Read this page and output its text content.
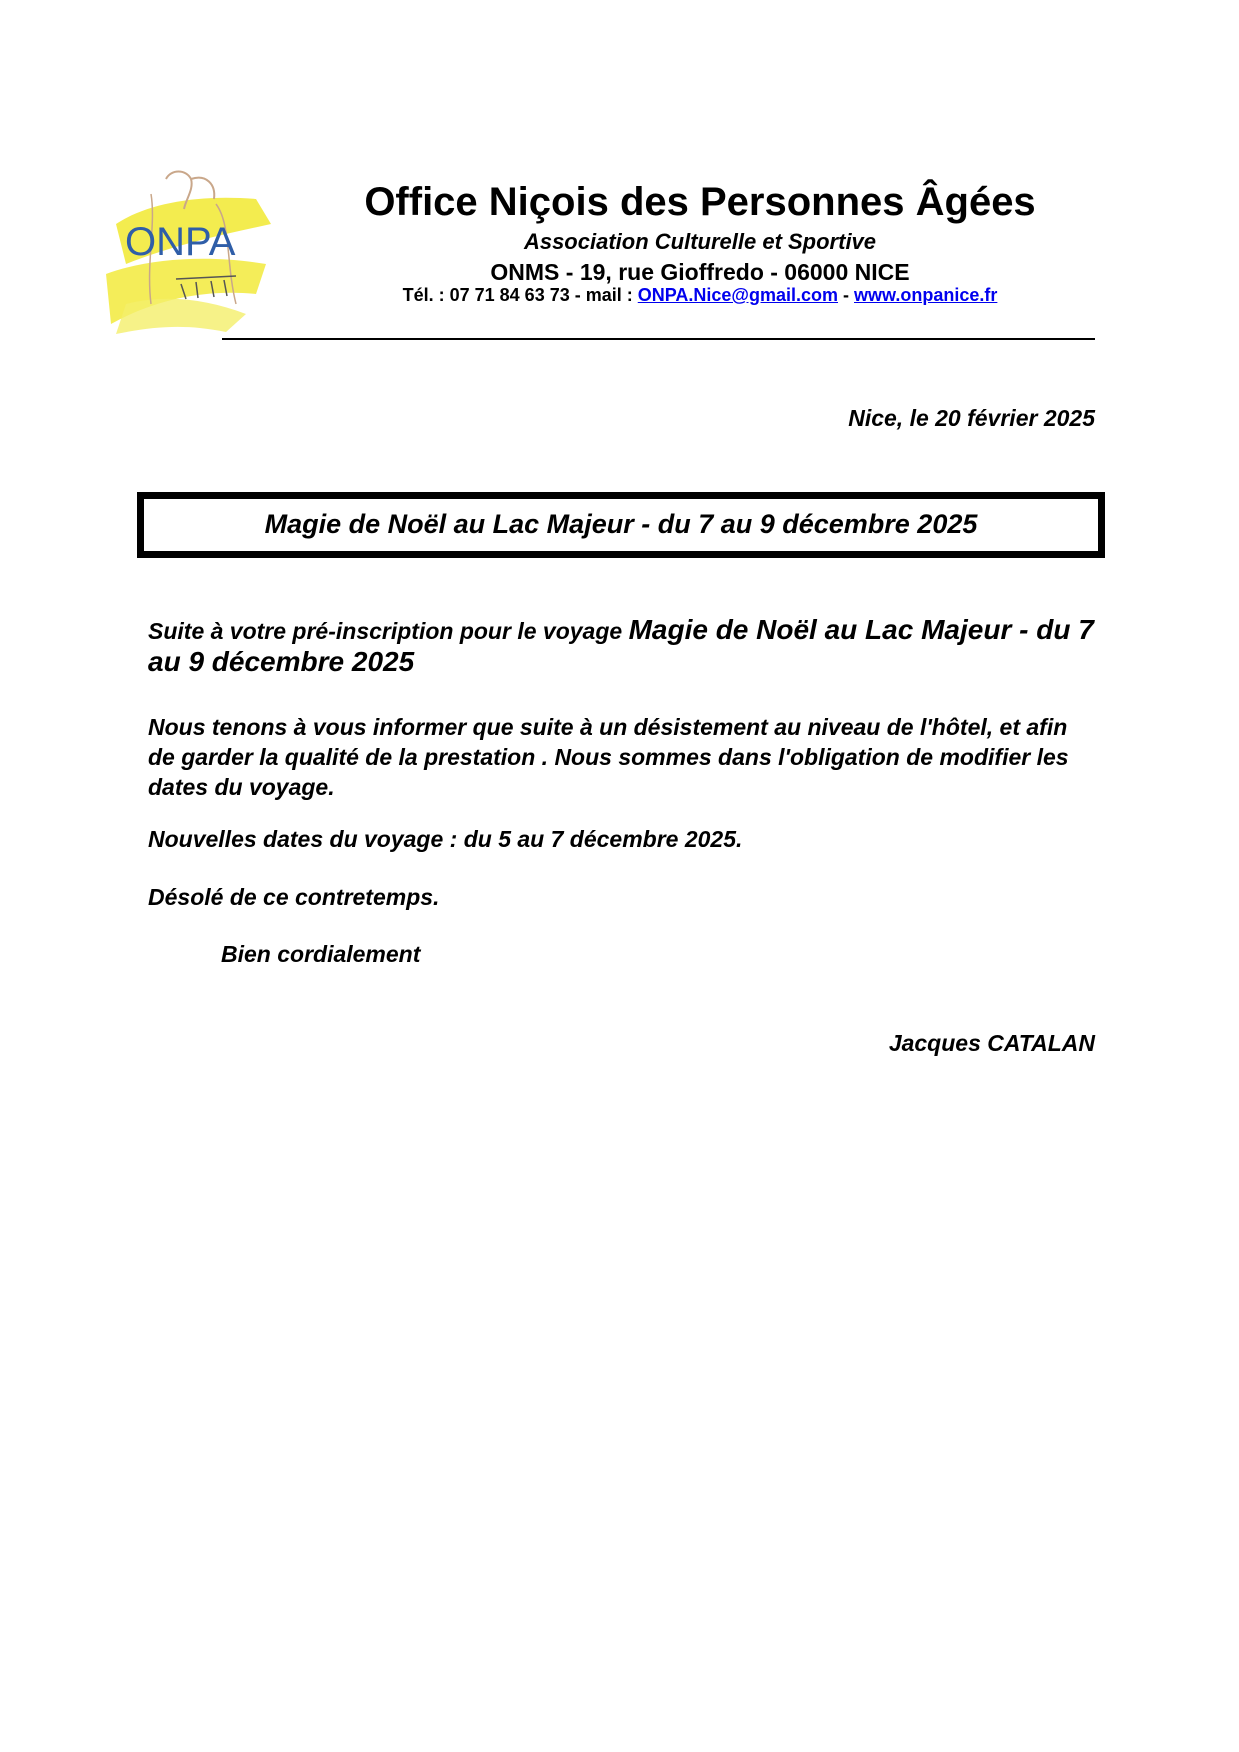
ONPA
Office Niçois des Personnes Âgées
Association Culturelle et Sportive
ONMS - 19, rue Gioffredo - 06000 NICE
Tél. : 07 71 84 63 73 - mail : ONPA.Nice@gmail.com - www.onpanice.fr
Nice, le 20 février 2025
Magie de Noël au Lac Majeur - du 7 au 9 décembre 2025
Suite à votre pré-inscription pour le voyage Magie de Noël au Lac Majeur - du 7 au 9 décembre 2025
Nous tenons à vous informer que suite à un désistement au niveau de l'hôtel, et afin de garder la qualité de la prestation . Nous sommes dans l'obligation de modifier les dates du voyage.
Nouvelles dates du voyage : du 5 au 7 décembre 2025.
Désolé de ce contretemps.
Bien cordialement
Jacques CATALAN
